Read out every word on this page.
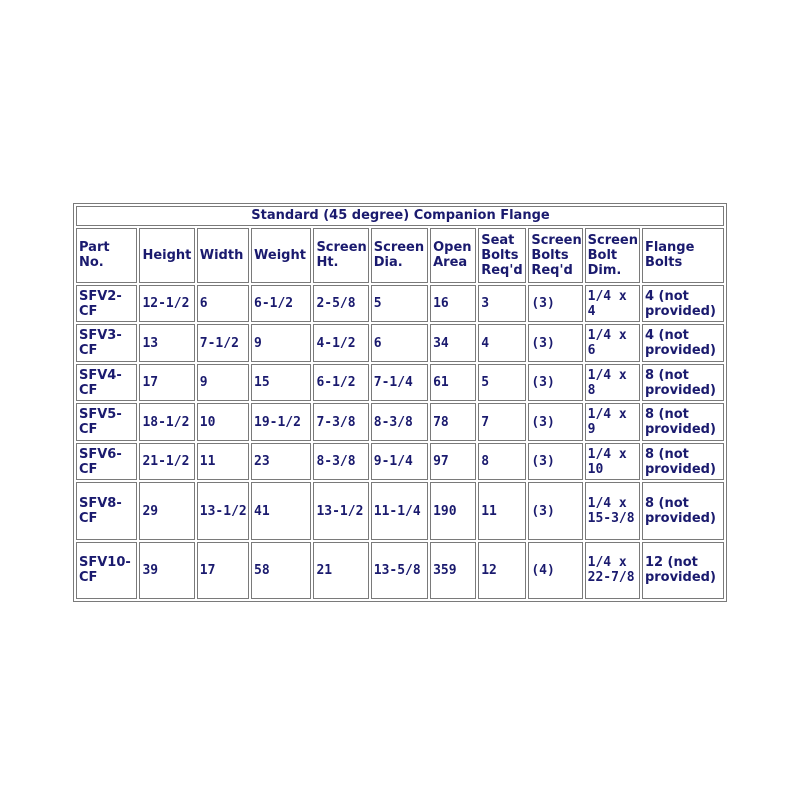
Standard (45 degree) Companion Flange										
Part No.	Height	Width	Weight	Screen Ht.	Screen Dia.	Open Area	Seat Bolts Req'd	Screen Bolts Req'd	Screen Bolt Dim.	Flange Bolts
SFV2-CF	12-1/2	6	6-1/2	2-5/8	5	16	3	(3)	1/4 x 4	4 (not provided)
SFV3-CF	13	7-1/2	9	4-1/2	6	34	4	(3)	1/4 x 6	4 (not provided)
SFV4-CF	17	9	15	6-1/2	7-1/4	61	5	(3)	1/4 x 8	8 (not provided)
SFV5-CF	18-1/2	10	19-1/2	7-3/8	8-3/8	78	7	(3)	1/4 x 9	8 (not provided)
SFV6-CF	21-1/2	11	23	8-3/8	9-1/4	97	8	(3)	1/4 x 10	8 (not provided)
SFV8-CF	29	13-1/2	41	13-1/2	11-1/4	190	11	(3)	1/4 x 15-3/8	8 (not provided)
SFV10-CF	39	17	58	21	13-5/8	359	12	(4)	1/4 x 22-7/8	12 (not provided)
